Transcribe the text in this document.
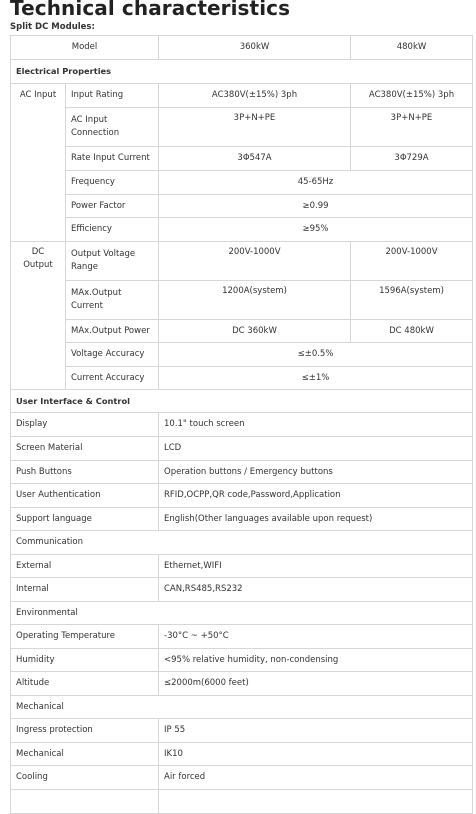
Technical characteristics
Split DC Modules:
Model		360kW	480kW
Electrical Properties			
AC Input	Input Rating	AC380V(±15%) 3ph	AC380V(±15%) 3ph
	AC Input Connection	3P+N+PE	3P+N+PE
	Rate Input Current	3Φ547A	3Φ729A
	Frequency	45-65Hz	
	Power Factor	≥0.99	
	Efficiency	≥95%	
DC Output	Output Voltage Range	200V-1000V	200V-1000V
	MAx.Output Current	1200A(system)	1596A(system)
	MAx.Output Power	DC 360kW	DC 480kW
	Voltage Accuracy	≤±0.5%	
	Current Accuracy	≤±1%	
User Interface & Control			
Display		10.1" touch screen	
Screen Material		LCD	
Push Buttons		Operation buttons / Emergency buttons	
User Authentication		RFID,OCPP,QR code,Password,Application	
Support language		English(Other languages available upon request)	
Communication			
External		Ethernet,WIFI	
Internal		CAN,RS485,RS232	
Environmental			
Operating Temperature		-30°C ~ +50°C	
Humidity		<95% relative humidity, non-condensing	
Altitude		≤2000m(6000 feet)	
Mechanical			
Ingress protection		IP 55	
Mechanical		IK10	
Cooling		Air forced	
